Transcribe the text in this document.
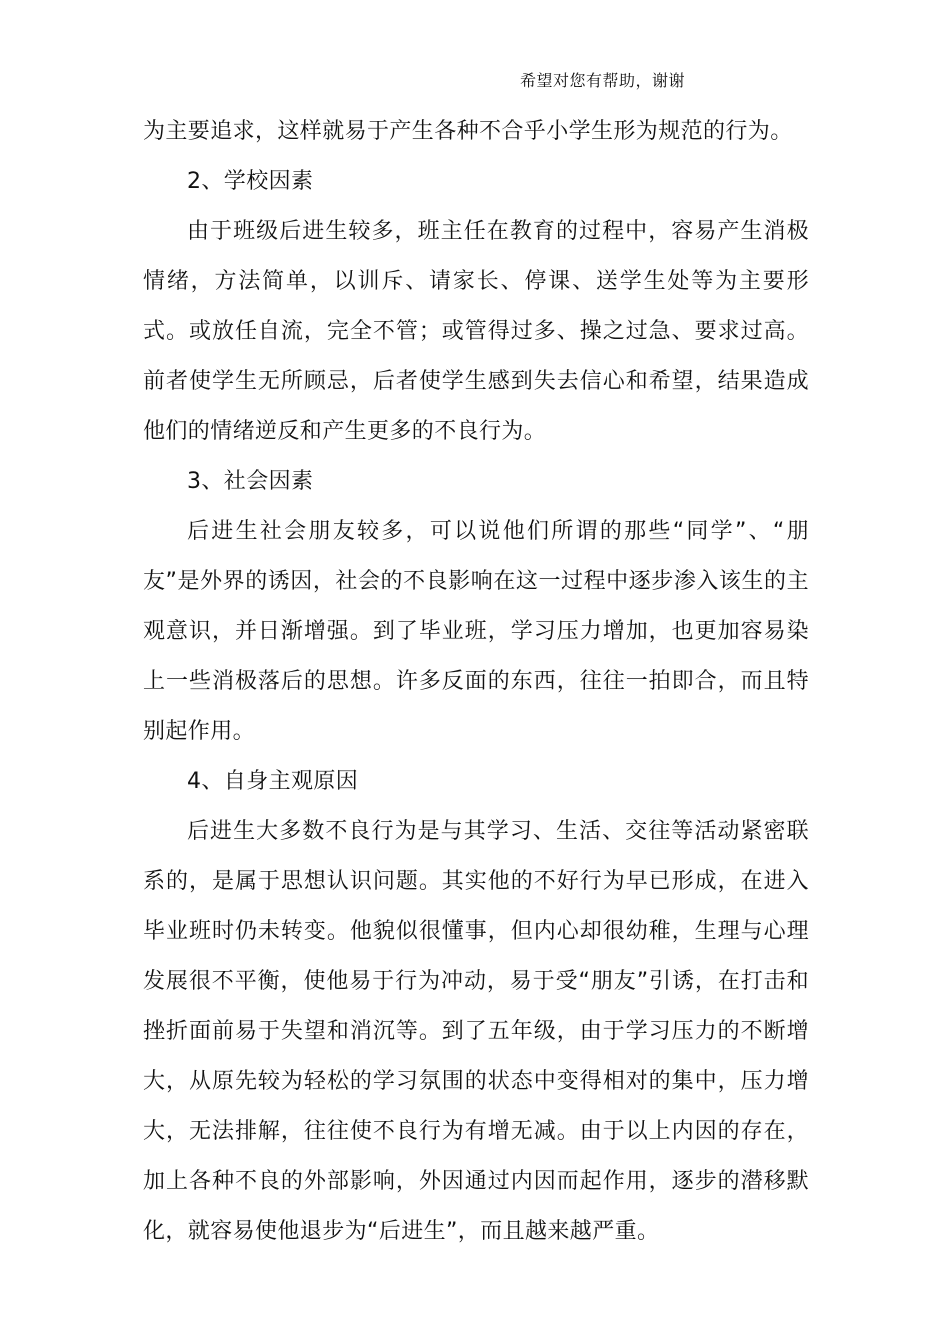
希望对您有帮助，谢谢

为主要追求，这样就易于产生各种不合乎小学生形为规范的行为。

2、学校因素

由于班级后进生较多，班主任在教育的过程中，容易产生消极情绪，方法简单，以训斥、请家长、停课、送学生处等为主要形式。或放任自流，完全不管；或管得过多、操之过急、要求过高。前者使学生无所顾忌，后者使学生感到失去信心和希望，结果造成他们的情绪逆反和产生更多的不良行为。

3、社会因素

后进生社会朋友较多，可以说他们所谓的那些“同学”、“朋友”是外界的诱因，社会的不良影响在这一过程中逐步渗入该生的主观意识，并日渐增强。到了毕业班，学习压力增加，也更加容易染上一些消极落后的思想。许多反面的东西，往往一拍即合，而且特别起作用。

4、自身主观原因

后进生大多数不良行为是与其学习、生活、交往等活动紧密联系的，是属于思想认识问题。其实他的不好行为早已形成，在进入毕业班时仍未转变。他貌似很懂事，但内心却很幼稚，生理与心理发展很不平衡，使他易于行为冲动，易于受“朋友”引诱，在打击和挫折面前易于失望和消沉等。到了五年级，由于学习压力的不断增大，从原先较为轻松的学习氛围的状态中变得相对的集中，压力增大，无法排解，往往使不良行为有增无减。由于以上内因的存在，加上各种不良的外部影响，外因通过内因而起作用，逐步的潜移默化，就容易使他退步为“后进生”，而且越来越严重。
